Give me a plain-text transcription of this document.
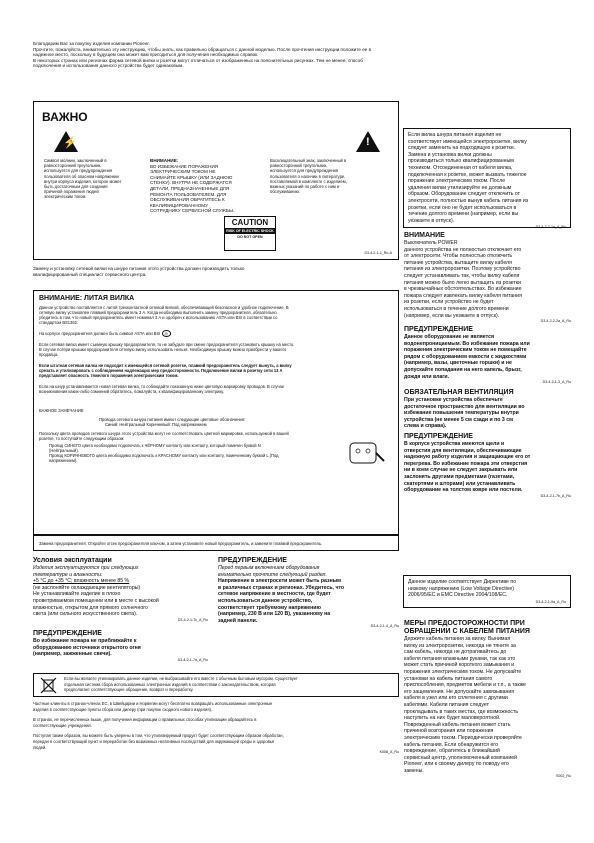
Благодарим Вас за покупку изделия компании Pioneer.
Прочтите, пожалуйста, внимательно эту инструкцию, чтобы знать, как правильно обращаться с данной моделью. После прочтения инструкции положите ее в
надежное место, поскольку в будущем она может вам пригодиться для получения необходимых справок.
В некоторых странах или регионах форма сетевой вилки и розетки могут отличаться от изображенных на пояснительных рисунках. Тем не менее, способ
подключения и использования данного устройства будет одинаковым.
ВАЖНО
⚡	!
CAUTION
RISK OF ELECTRIC SHOCK
DO NOT OPEN
Символ молнии, заключенный в
равносторонний треугольник,
используется для предупреждения
пользователя об опасном напряжении
внутри корпуса изделия, которое может
быть достаточным для создания
причиной поражения людей
электрическим током.
ВНИМАНИЕ:
ВО ИЗБЕЖАНИЕ ПОРАЖЕНИЯ
ЭЛЕКТРИЧЕСКИМ ТОКОМ НЕ
СНИМАЙТЕ КРЫШКУ (ИЛИ ЗАДНЮЮ
СТЕНКУ). ВНУТРИ НЕ СОДЕРЖАТСЯ
ДЕТАЛИ, ПРЕДНАЗНАЧЕННЫЕ ДЛЯ
РЕМОНТА ПОЛЬЗОВАТЕЛЕМ. ДЛЯ
ОБСЛУЖИВАНИЯ ОБРАТИТЕСЬ К
КВАЛИФИЦИРОВАННОМУ
СОТРУДНИКУ СЕРВИСНОЙ СЛУЖБЫ.
Восклицательный знак, заключенный в
равносторонний треугольник,
используется для предупреждения
пользователя о наличии в литературе,
поставляемой в комплекте с изделием,
важных указаний по работе с ним и
обслуживанию.
D3-4-2-1-1_Ru-A
Замену и установку сетевой вилки на шнуре питания этого устройства должен производить только
квалифицированный специалист сервисного центра.
ВНИМАНИЕ: ЛИТАЯ ВИЛКА
Данное устройство поставляется с литой трехконтактной сетевой вилкой, обеспечивающей безопасное и удобное подключение. В
сетевую вилку установлен плавкий предохранитель 3 А. Когда необходимо выполнить замену предохранителя, обязательно
убедитесь в том, что новый предохранитель имеет номинал 3 А и одобрен к использованию ASTA или BSI в соответствии со
стандартом BS1362.
На корпусе предохранителя должен быть символ ASTA или BSI ◎
Если сетевая вилка имеет съемную крышку предохранителя, то не забудьте при смене предохранителя установить крышку на место.
В случае потери крышки предохранителя сетевую вилку использовать нельзя. Необходимую крышку можно приобрести у вашего
продавца.
Если штатная сетевая вилка не подходит к имеющейся сетевой розетке, плавкий предохранитель следует вынуть, а вилку
срезать и утилизировать с соблюдением надлежащих мер предосторожности. Подключение вилки в розетку сети 13 А
представляет опасность тяжелого поражения электрическим током.
Если на шнур устанавливается новая сетевая вилка, то соблюдайте показанную ниже цветовую маркировку проводов. В случае
возникновения каких-либо сомнений обратитесь, пожалуйста, к квалифицированному электрику.
ВАЖНОЕ ЗАМЕЧАНИЕ
Провода сетевого шнура питания имеют следующие цветовые обозначения:
Синий: Нейтральный Коричневый: Под напряжением
Поскольку цвета проводов сетевого шнура этого устройства могут не соответствовать цветной маркировке, используемой в вашей
розетке, то поступайте следующим образом:
Провод СИНЕГО цвета необходимо подключать к ЧЁРНОМУ контакту или контакту, который помечен буквой N
(Нейтральный).
Провод КОРИЧНЕВОГО цвета необходимо подключать к КРАСНОМУ контакту или контакту, помеченному буквой L (Под
напряжением).
Замена предохранителя: Откройте отсек предохранителя ключом, а затем установите новый предохранитель, и замените плавкий предохранитель.
Условия эксплуатации
Изделия эксплуатируются при следующих
температуре и влажности:
+5 °C до +35 °C; влажность менее 85 %
(не заслоняйте охлаждающие вентиляторы)
Не устанавливайте изделие в плохо
проветриваемом помещении или в месте с высокой
влажностью, открытом для прямого солнечного
света (или сильного искусственного света).
D3-4-2-1-7c_A_Ru
ПРЕДУПРЕЖДЕНИЕ
Во избежание пожара не приближайте к
оборудованию источники открытого огня
(например, зажженные свечи).
D3-4-2-1-7a_A_Ru
ПРЕДУПРЕЖДЕНИЕ
Перед первым включением оборудования
внимательно прочтите следующий раздел.
Напряжение в электросети может быть разным
в различных странах и регионах. Убедитесь, что
сетевое напряжение в местности, где будет
использоваться данное устройство,
соответствует требуемому напряжению
(например, 230 В или 120 В), указанному на
задней панели.
D3-4-2-1-4_A_Ru
Если вы желаете утилизировать данное изделие, не выбрасывайте его вместе с обычным бытовым мусором. Существует
отдельная система сбора использованных электронных изделий в соответствии с законодательством, которая
предполагает соответствующее обращение, возврат и переработку.
Частные клиенты в странах-членах ЕС, в Швейцарии и Норвегии могут бесплатно возвращать использованные электронные
изделия в соответствующие пункты сбора или дилеру (при покупке сходного нового изделия).
В странах, не перечисленных выше, для получения информации о правильных способах утилизации обращайтесь в
соответствующие учреждения.
Поступая таким образом, вы можете быть уверены в том, что утилизируемый продукт будет соответствующим образом обработан,
передан в соответствующий пункт и переработан без возможных негативных последствий для окружающей среды и здоровья
людей.
K058_A_Ru
Если вилка шнура питания изделия не
соответствует имеющейся электророзетке, вилку
следует заменить на подходящую к розетке.
Замена и установка вилки должны
производиться только квалифицированным
техником. Отсоединенная от кабеля вилка,
подключенная к розетке, может вызвать тяжелое
поражение электрическим током. После
удаления вилки утилизируйте ее должным
образом. Оборудование следует отключить от
электросети, полностью вынув кабель питания из
розетки, если оно не будет использоваться в
течение долгого времени (например, если вы
уезжаете в отпуск).
D3-4-2-2-1a_A_Ru
ВНИМАНИЕ
Выключатель POWER
данного устройства не полностью отключает его
от электросети. Чтобы полностью отключить
питание устройства, вытащите вилку кабеля
питания из электророзетки. Поэтому устройство
следует устанавливать так, чтобы вилку кабеля
питания можно было легко вытащить из розетки
в чрезвычайных обстоятельствах. Во избежание
пожара следует извлекать вилку кабеля питания
из розетки, если устройство не будет
использоваться в течение долгого времени
(например, если вы уезжаете в отпуск).
D3-4-2-2-2a_A_Ru
ПРЕДУПРЕЖДЕНИЕ
Данное оборудование не является
водонепроницаемым. Во избежание пожара или
поражения электрическим током не помещайте
рядом с оборудованием емкости с жидкостями
(например, вазы, цветочные горшки) и не
допускайте попадания на него капель, брызг,
дождя или влаги.
D3-4-2-1-3_A_Ru
ОБЯЗАТЕЛЬНАЯ ВЕНТИЛЯЦИЯ
При установке устройства обеспечьте
достаточное пространство для вентиляции во
избежание повышения температуры внутри
устройства (не менее 5 см сзади и по 3 см
слева и справа).
ПРЕДУПРЕЖДЕНИЕ
В корпусе устройства имеются щели и
отверстия для вентиляции, обеспечивающие
надежную работу изделия и защищающие его от
перегрева. Во избежание пожара эти отверстия
ни в коем случае не следует закрывать или
заслонять другими предметами (газетами,
скатертями и шторами) или устанавливать
оборудование на толстом ковре или постели.
D3-4-2-1-7b_A_Ru
Данное изделие соответствует Директиве по
низкому напряжению (Low Voltage Directive)
2006/95/EC и EMC Directive 2004/108/EC.
D3-4-2-1-9a_A_Ru
МЕРЫ ПРЕДОСТОРОЖНОСТИ ПРИ ОБРАЩЕНИИ С КАБЕЛЕМ ПИТАНИЯ
Держите кабель питания за вилку. Вынимая
вилку из электророзетки, никогда не тяните за
сам кабель, никогда не дотрагивайтесь до
кабеля питания влажными руками, так как это
может стать причиной короткого замыкания и
поражения электрическим током. Не допускайте
установки на кабель питания самого
приспособления, предметов мебели и т.п., а также
его защемления. Не допускайте завязывания
кабеля в узел или его сплетения с другими
кабелями. Кабели питания следует
прокладывать в таких местах, где возможность
наступить на них будет маловероятной.
Поврежденный кабель питания может стать
причиной возгорания или поражения
электрическим током. Периодически проверяйте
кабель питания. Если обнаружится его
повреждение, обратитесь в ближайший
сервисный центр, уполномоченный компанией
Pioneer, или к своему дилеру по поводу его
замены.
S002_Ru
